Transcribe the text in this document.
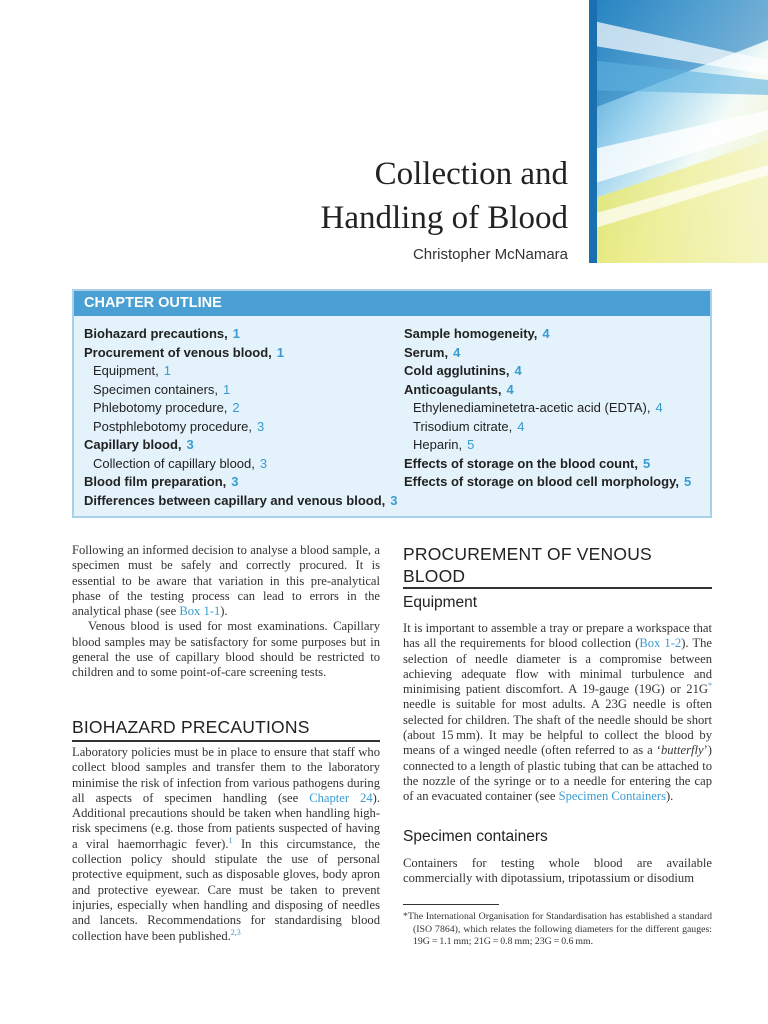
Collection and
Handling of Blood
Christopher McNamara
CHAPTER OUTLINE
Biohazard precautions, 1
Procurement of venous blood, 1
Equipment, 1
Specimen containers, 1
Phlebotomy procedure, 2
Postphlebotomy procedure, 3
Capillary blood, 3
Collection of capillary blood, 3
Blood film preparation, 3
Differences between capillary and venous blood, 3
Sample homogeneity, 4
Serum, 4
Cold agglutinins, 4
Anticoagulants, 4
Ethylenediaminetetra-acetic acid (EDTA), 4
Trisodium citrate, 4
Heparin, 5
Effects of storage on the blood count, 5
Effects of storage on blood cell morphology, 5

Following an informed decision to analyse a blood sample, a specimen must be safely and correctly procured. It is essential to be aware that variation in this pre-analytical phase of the testing process can lead to errors in the analytical phase (see Box 1-1).

Venous blood is used for most examinations. Capillary blood samples may be satisfactory for some purposes but in general the use of capillary blood should be restricted to children and to some point-of-care screening tests.

BIOHAZARD PRECAUTIONS

Laboratory policies must be in place to ensure that staff who collect blood samples and transfer them to the laboratory minimise the risk of infection from various pathogens during all aspects of specimen handling (see Chapter 24). Additional precautions should be taken when handling high-risk specimens (e.g. those from patients suspected of having a viral haemorrhagic fever).$^1$ In this circumstance, the collection policy should stipulate the use of personal protective equipment, such as disposable gloves, body apron and protective eyewear. Care must be taken to prevent injuries, especially when handling and disposing of needles and lancets. Recommendations for standardising blood collection have been published.$^{2,3}$

PROCUREMENT OF VENOUS
BLOOD
Equipment

It is important to assemble a tray or prepare a workspace that has all the requirements for blood collection (Box 1-2). The selection of needle diameter is a compromise between achieving adequate flow with minimal turbulence and minimising patient discomfort. A 19-gauge (19G) or 21G* needle is suitable for most adults. A 23G needle is often selected for children. The shaft of the needle should be short (about 15 mm). It may be helpful to collect the blood by means of a winged needle (often referred to as a ‘butterfly’) connected to a length of plastic tubing that can be attached to the nozzle of the syringe or to a needle for entering the cap of an evacuated container (see Specimen Containers).

Specimen containers

Containers for testing whole blood are available commercially with dipotassium, tripotassium or disodium

*The International Organisation for Standardisation has established a standard (ISO 7864), which relates the following diameters for the different gauges: 19G = 1.1 mm; 21G = 0.8 mm; 23G = 0.6 mm.
